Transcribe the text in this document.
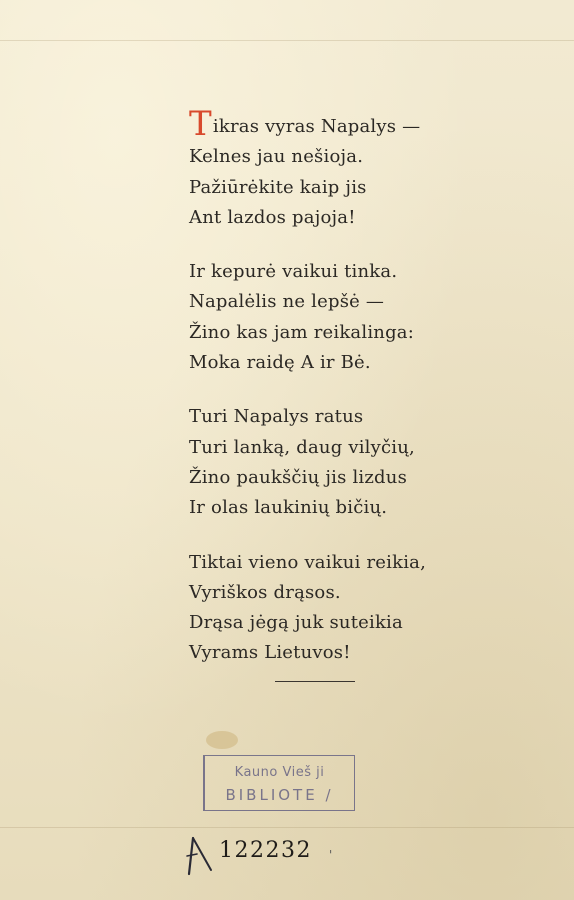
Tikras vyras Napalys —
Kelnes jau nešioja.
Pažiūrėkite kaip jis
Ant lazdos pajoja!
Ir kepurė vaikui tinka.
Napalėlis ne lepšė —
Žino kas jam reikalinga:
Moka raidę A ir Bė.
Turi Napalys ratus
Turi lanką, daug vilyčių,
Žino paukščių jis lizdus
Ir olas laukinių bičių.
Tiktai vieno vaikui reikia,
Vyriškos drąsos.
Drąsa jėgą juk suteikia
Vyrams Lietuvos!
Kauno Vieš ji
BIBLIOTE /
122232 '
